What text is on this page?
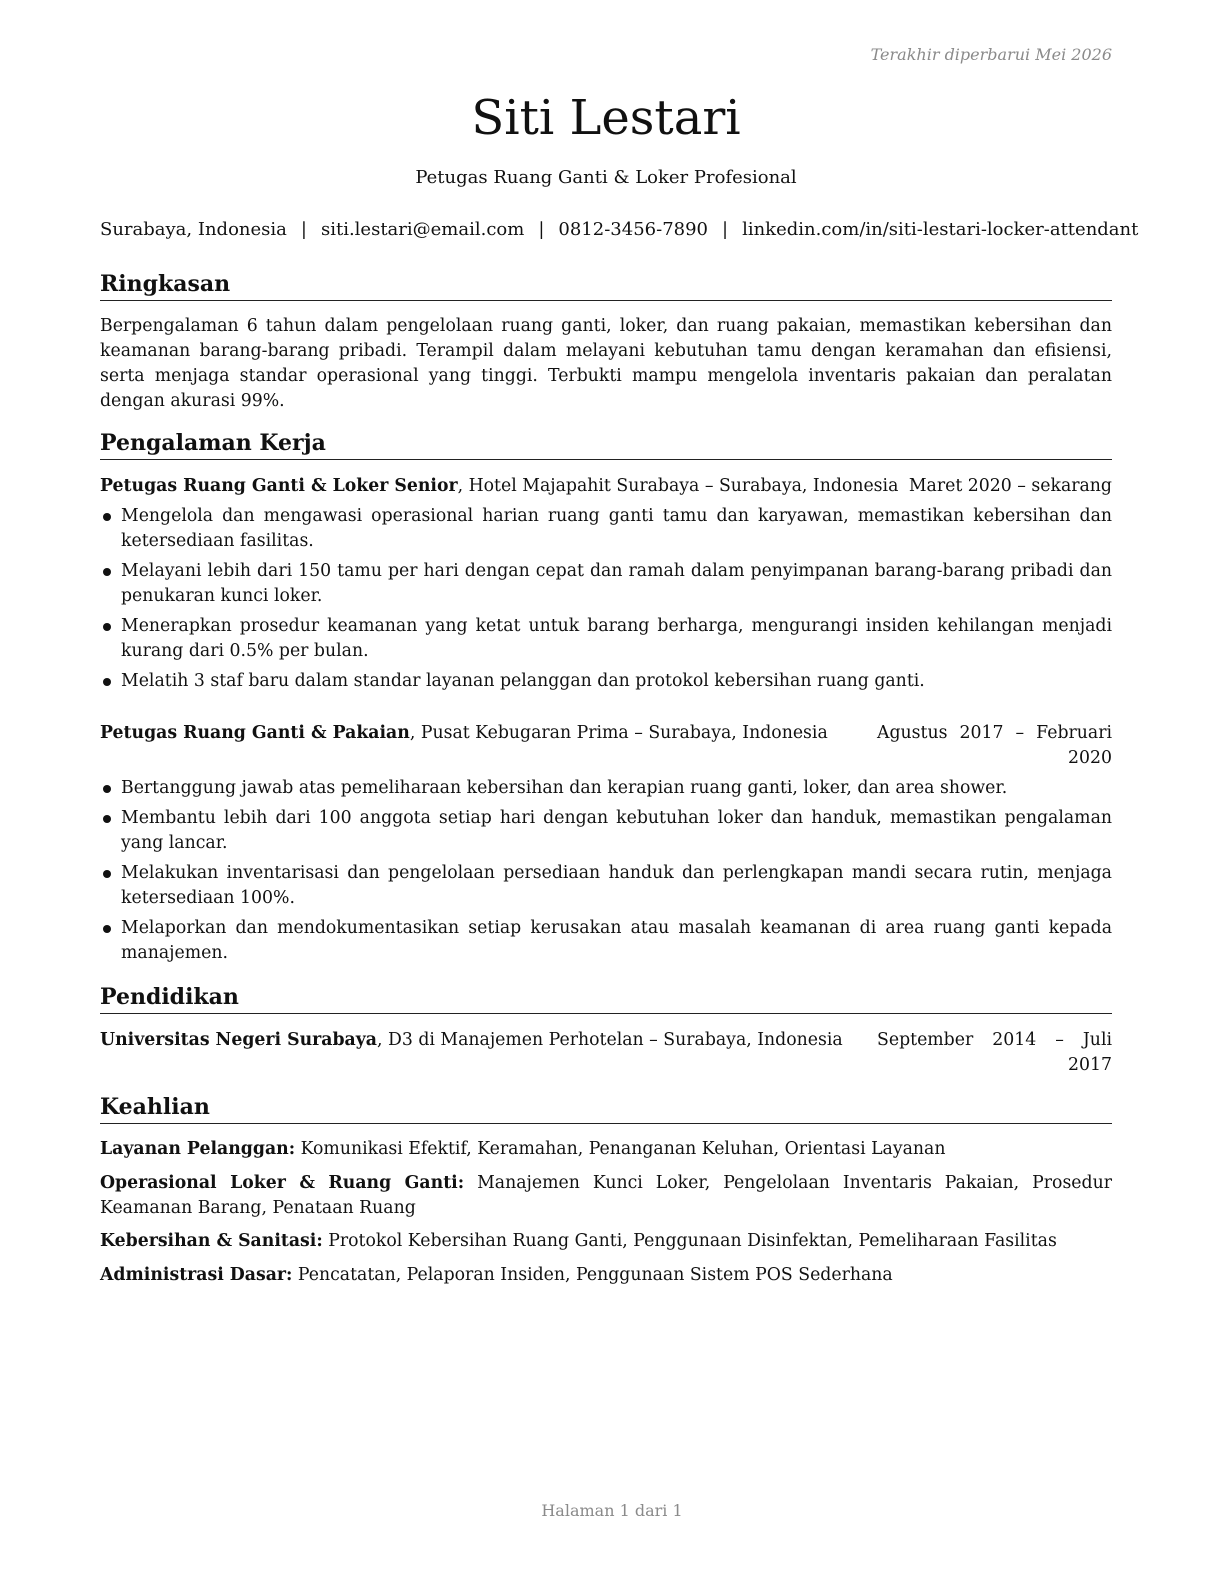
Terakhir diperbarui Mei 2026
Siti Lestari
Petugas Ruang Ganti & Loker Profesional
Surabaya, Indonesia | siti.lestari@email.com | 0812-3456-7890 | linkedin.com/in/siti-lestari-locker-attendant
Ringkasan
Berpengalaman 6 tahun dalam pengelolaan ruang ganti, loker, dan ruang pakaian, memastikan kebersihan dan keamanan barang-barang pribadi. Terampil dalam melayani kebutuhan tamu dengan keramahan dan efisiensi, serta menjaga standar operasional yang tinggi. Terbukti mampu mengelola inventaris pakaian dan peralatan dengan akurasi 99%.
Pengalaman Kerja
Petugas Ruang Ganti & Loker Senior, Hotel Majapahit Surabaya – Surabaya, Indonesia Maret 2020 – sekarang
Mengelola dan mengawasi operasional harian ruang ganti tamu dan karyawan, memastikan kebersihan dan ketersediaan fasilitas.
Melayani lebih dari 150 tamu per hari dengan cepat dan ramah dalam penyimpanan barang-barang pribadi dan penukaran kunci loker.
Menerapkan prosedur keamanan yang ketat untuk barang berharga, mengurangi insiden kehilangan menjadi kurang dari 0.5% per bulan.
Melatih 3 staf baru dalam standar layanan pelanggan dan protokol kebersihan ruang ganti.
Petugas Ruang Ganti & Pakaian, Pusat Kebugaran Prima – Surabaya, Indonesia	Agustus 2017 – Februari 2020
Bertanggung jawab atas pemeliharaan kebersihan dan kerapian ruang ganti, loker, dan area shower.
Membantu lebih dari 100 anggota setiap hari dengan kebutuhan loker dan handuk, memastikan pengalaman yang lancar.
Melakukan inventarisasi dan pengelolaan persediaan handuk dan perlengkapan mandi secara rutin, menjaga ketersediaan 100%.
Melaporkan dan mendokumentasikan setiap kerusakan atau masalah keamanan di area ruang ganti kepada manajemen.
Pendidikan
Universitas Negeri Surabaya, D3 di Manajemen Perhotelan – Surabaya, Indonesia September 2014 – Juli 2017
Keahlian
Layanan Pelanggan: Komunikasi Efektif, Keramahan, Penanganan Keluhan, Orientasi Layanan
Operasional Loker & Ruang Ganti: Manajemen Kunci Loker, Pengelolaan Inventaris Pakaian, Prosedur Keamanan Barang, Penataan Ruang
Kebersihan & Sanitasi: Protokol Kebersihan Ruang Ganti, Penggunaan Disinfektan, Pemeliharaan Fasilitas
Administrasi Dasar: Pencatatan, Pelaporan Insiden, Penggunaan Sistem POS Sederhana
Halaman 1 dari 1
